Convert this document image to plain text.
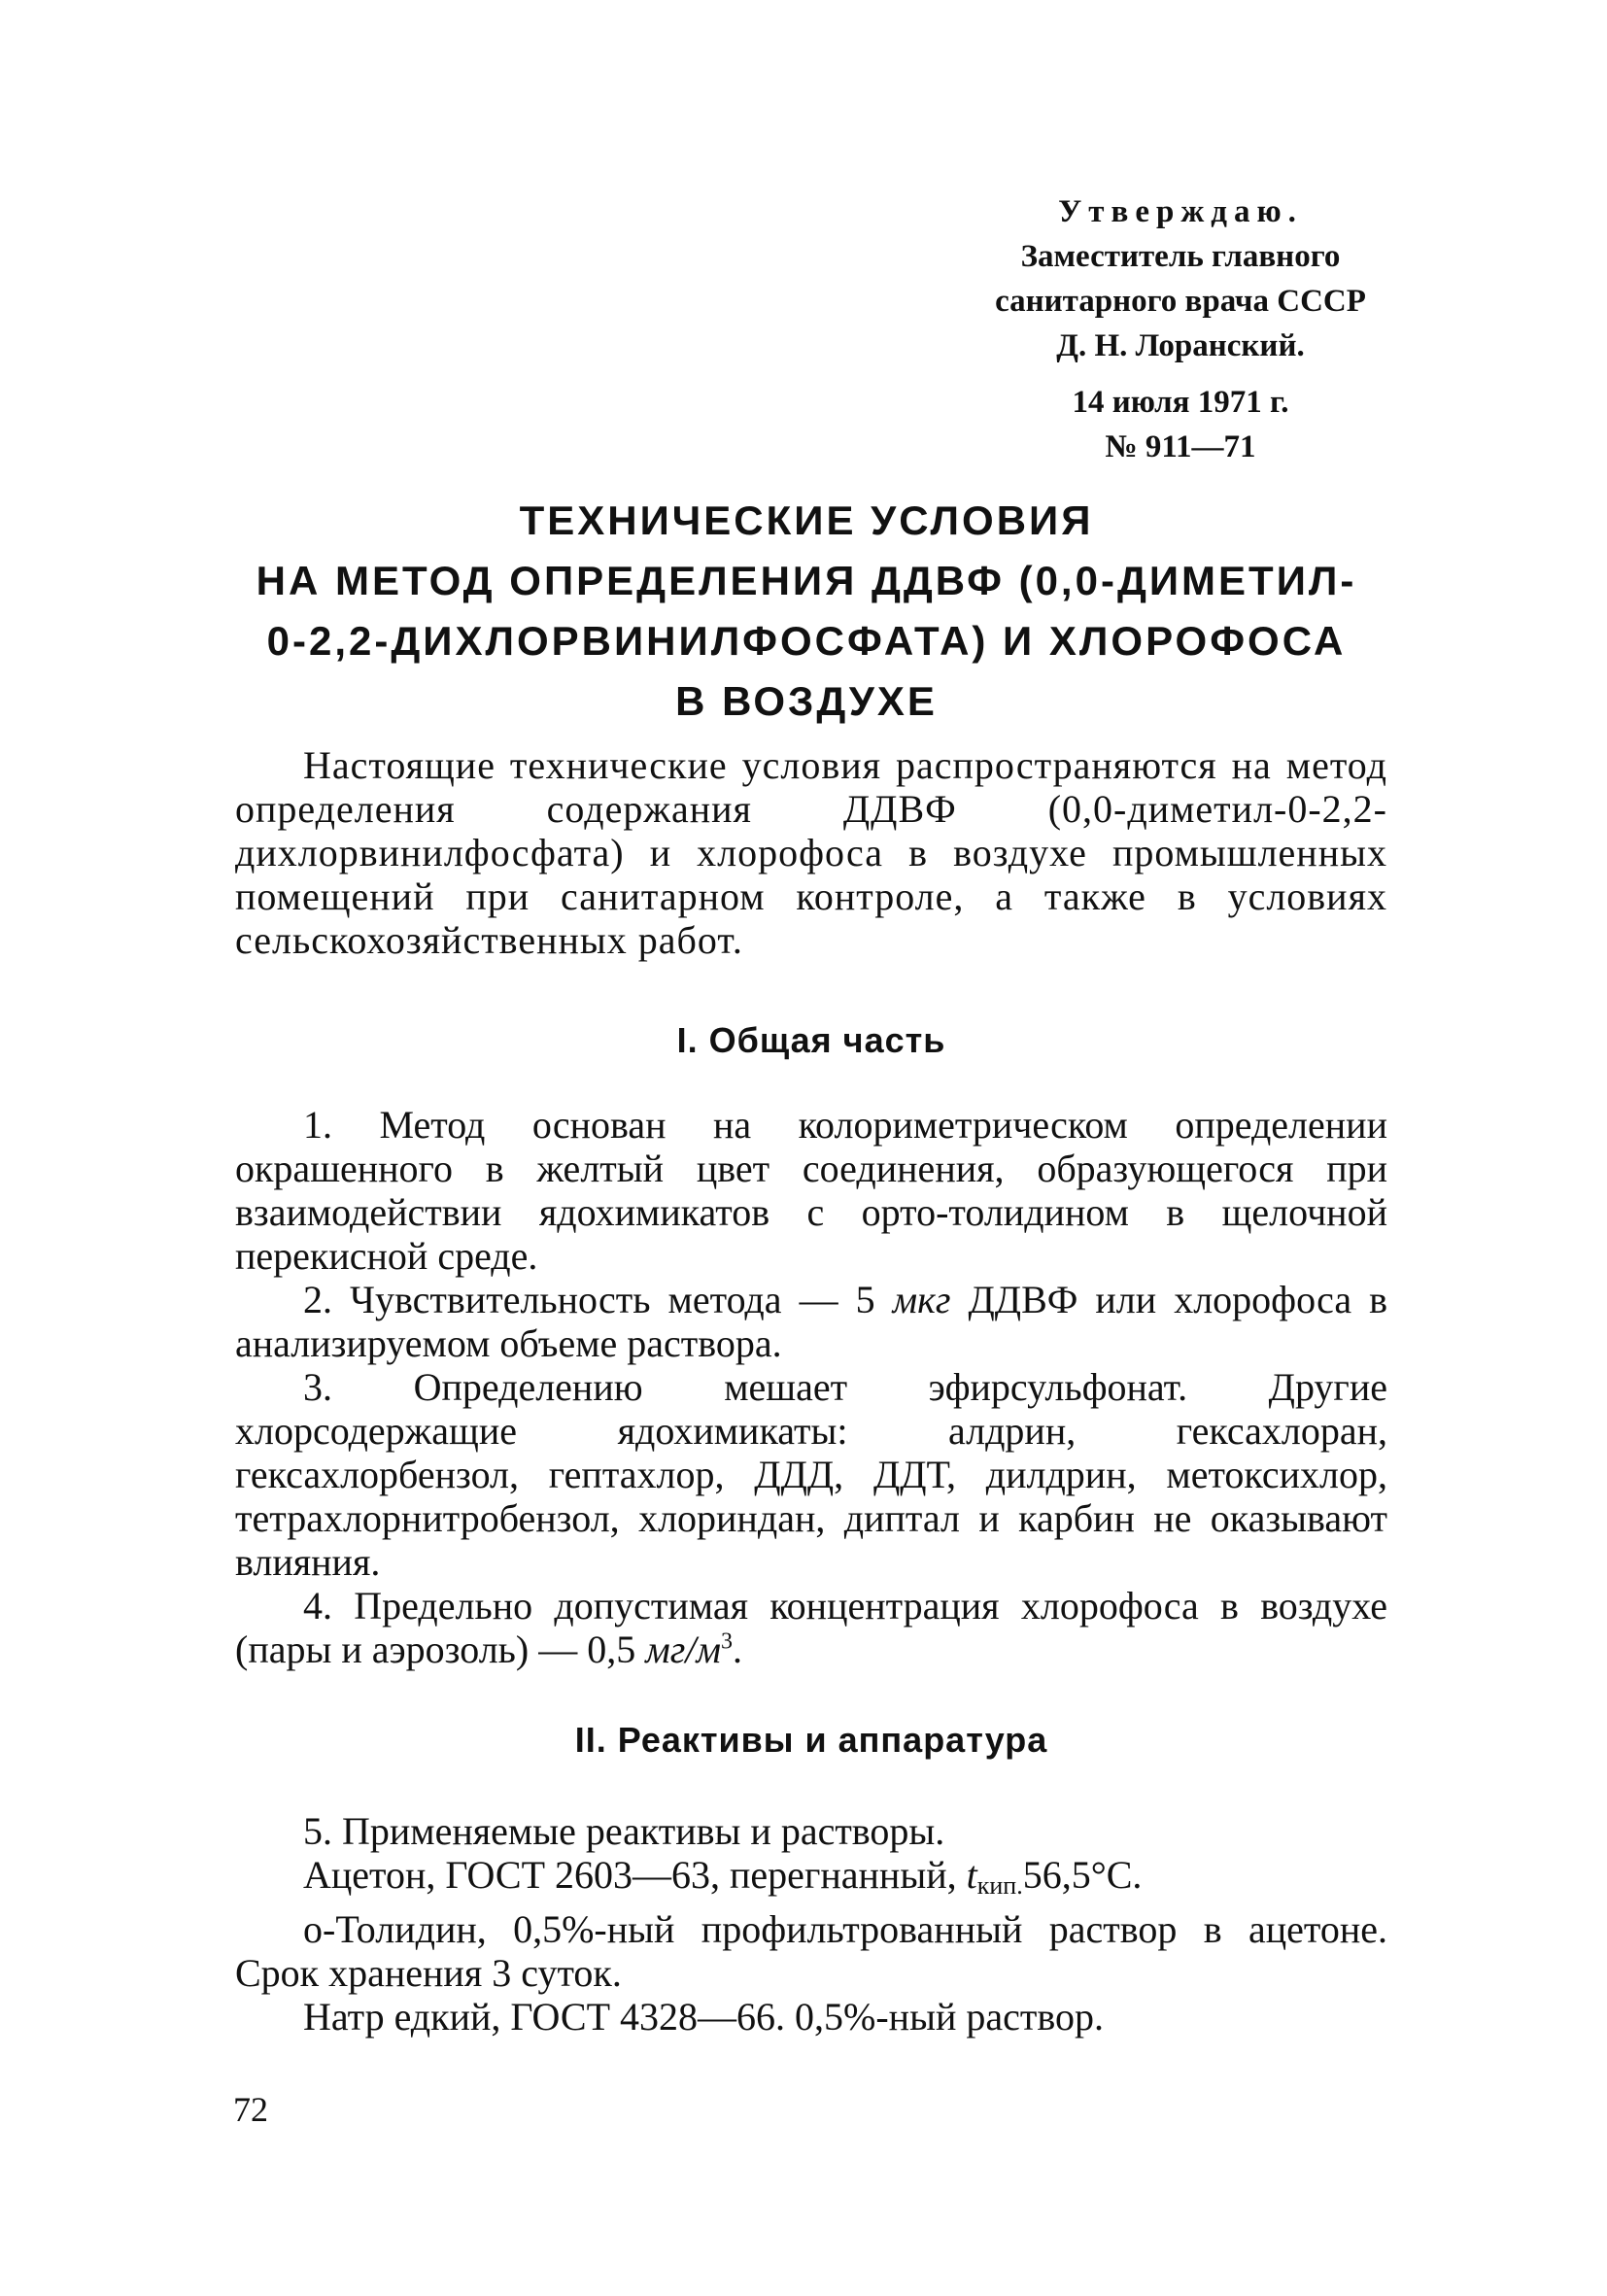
Утверждаю.
Заместитель главного
санитарного врача СССР
Д. Н. Лоранский.
14 июля 1971 г.
№ 911—71
ТЕХНИЧЕСКИЕ УСЛОВИЯ
НА МЕТОД ОПРЕДЕЛЕНИЯ ДДВФ (0,0-ДИМЕТИЛ-
0-2,2-ДИХЛОРВИНИЛФОСФАТА) И ХЛОРОФОСА
В ВОЗДУХЕ

Настоящие технические условия распространяются на метод определения содержания ДДВФ (0,0-диметил-0-2,2-дихлорвинилфосфата) и хлорофоса в воздухе промышленных помещений при санитарном контроле, а также в условиях сельскохозяйственных работ.

I. Общая часть

1. Метод основан на колориметрическом определении окрашенного в желтый цвет соединения, образующегося при взаимодействии ядохимикатов с орто-толидином в щелочной перекисной среде.

2. Чувствительность метода — 5 мкг ДДВФ или хлорофоса в анализируемом объеме раствора.

3. Определению мешает эфирсульфонат. Другие хлорсодержащие ядохимикаты: алдрин, гексахлоран, гексахлорбензол, гептахлор, ДДД, ДДТ, дилдрин, метоксихлор, тетрахлорнитробензол, хлориндан, диптал и карбин не оказывают влияния.

4. Предельно допустимая концентрация хлорофоса в воздухе (пары и аэрозоль) — 0,5 $мг/м^3$.

II. Реактивы и аппаратура

5. Применяемые реактивы и растворы.

Ацетон, ГОСТ 2603—63, перегнанный, $t_{кип.}56,5^\circ С$.

о-Толидин, 0,5%-ный профильтрованный раствор в ацетоне. Срок хранения 3 суток.

Натр едкий, ГОСТ 4328—66. 0,5%-ный раствор.

72
